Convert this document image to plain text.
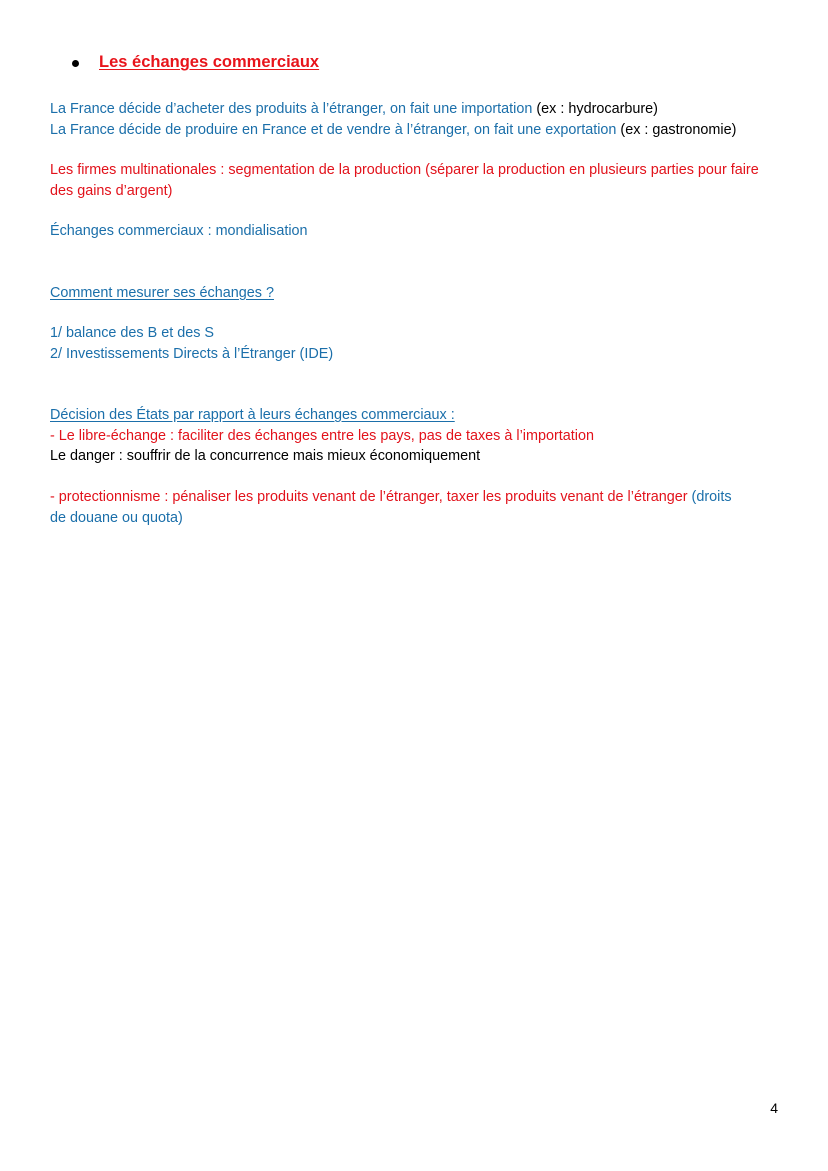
Les échanges commerciaux
La France décide d’acheter des produits à l’étranger, on fait une importation (ex : hydrocarbure)
La France décide de produire en France et de vendre à l’étranger, on fait une exportation (ex : gastronomie)
Les firmes multinationales : segmentation de la production (séparer la production en plusieurs parties pour faire des gains d’argent)
Échanges commerciaux : mondialisation
Comment mesurer ses échanges ?
1/ balance des B et des S
2/ Investissements Directs à l’Étranger (IDE)
Décision des États par rapport à leurs échanges commerciaux :
- Le libre-échange : faciliter des échanges entre les pays, pas de taxes à l’importation
Le danger : souffrir de la concurrence mais mieux économiquement
- protectionnisme : pénaliser les produits venant de l’étranger, taxer les produits venant de l’étranger (droits de douane ou quota)
4
